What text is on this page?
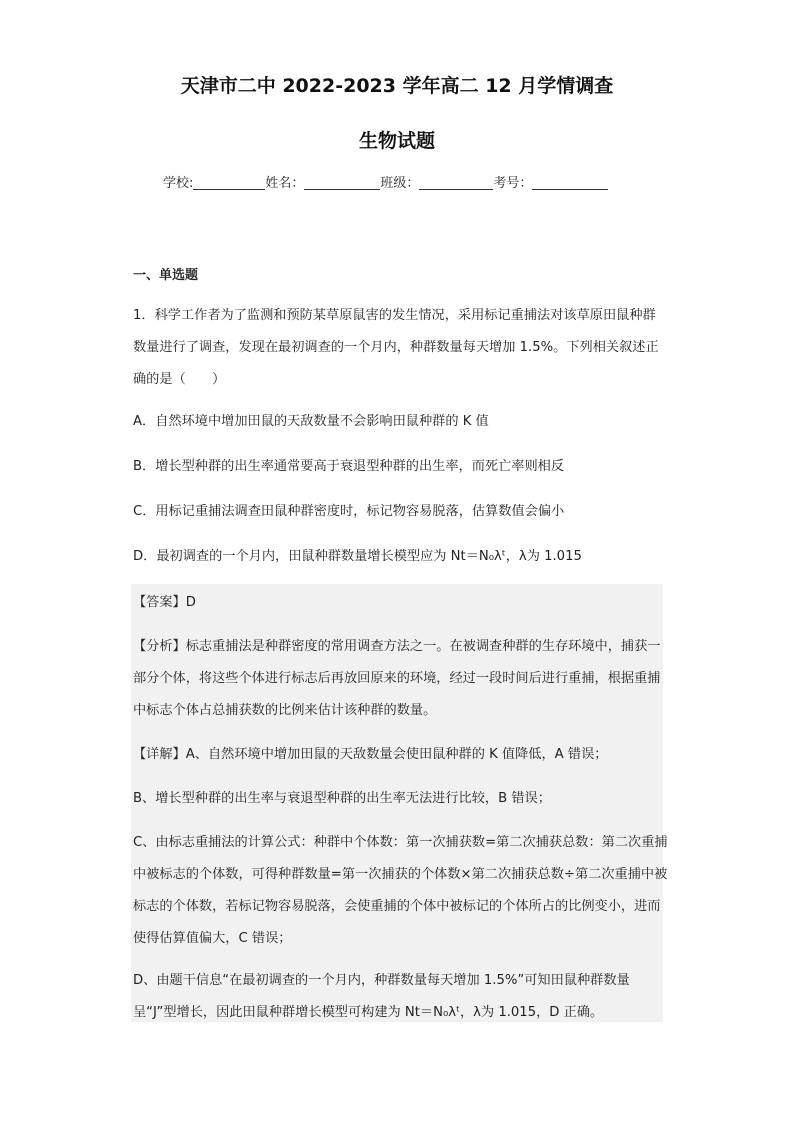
天津市二中 2022-2023 学年高二 12 月学情调查
生物试题
学校:	姓名：	班级：	考号：
一、单选题
1．科学工作者为了监测和预防某草原鼠害的发生情况，采用标记重捕法对该草原田鼠种群数量进行了调查，发现在最初调查的一个月内，种群数量每天增加 1.5%。下列相关叙述正确的是（　　）
A．自然环境中增加田鼠的天敌数量不会影响田鼠种群的 K 值
B．增长型种群的出生率通常要高于衰退型种群的出生率，而死亡率则相反
C．用标记重捕法调查田鼠种群密度时，标记物容易脱落，估算数值会偏小
D．最初调查的一个月内，田鼠种群数量增长模型应为 Nt＝N₀λᵗ，λ为 1.015
【答案】D
【分析】标志重捕法是种群密度的常用调查方法之一。在被调查种群的生存环境中，捕获一部分个体，将这些个体进行标志后再放回原来的环境，经过一段时间后进行重捕，根据重捕中标志个体占总捕获数的比例来估计该种群的数量。
【详解】A、自然环境中增加田鼠的天敌数量会使田鼠种群的 K 值降低，A 错误；
B、增长型种群的出生率与衰退型种群的出生率无法进行比较，B 错误；
C、由标志重捕法的计算公式：种群中个体数：第一次捕获数=第二次捕获总数：第二次重捕中被标志的个体数，可得种群数量=第一次捕获的个体数×第二次捕获总数÷第二次重捕中被标志的个体数，若标记物容易脱落，会使重捕的个体中被标记的个体所占的比例变小，进而使得估算值偏大，C 错误；
D、由题干信息“在最初调查的一个月内，种群数量每天增加 1.5%”可知田鼠种群数量呈“J”型增长，因此田鼠种群增长模型可构建为 Nt＝N₀λᵗ，λ为 1.015，D 正确。
